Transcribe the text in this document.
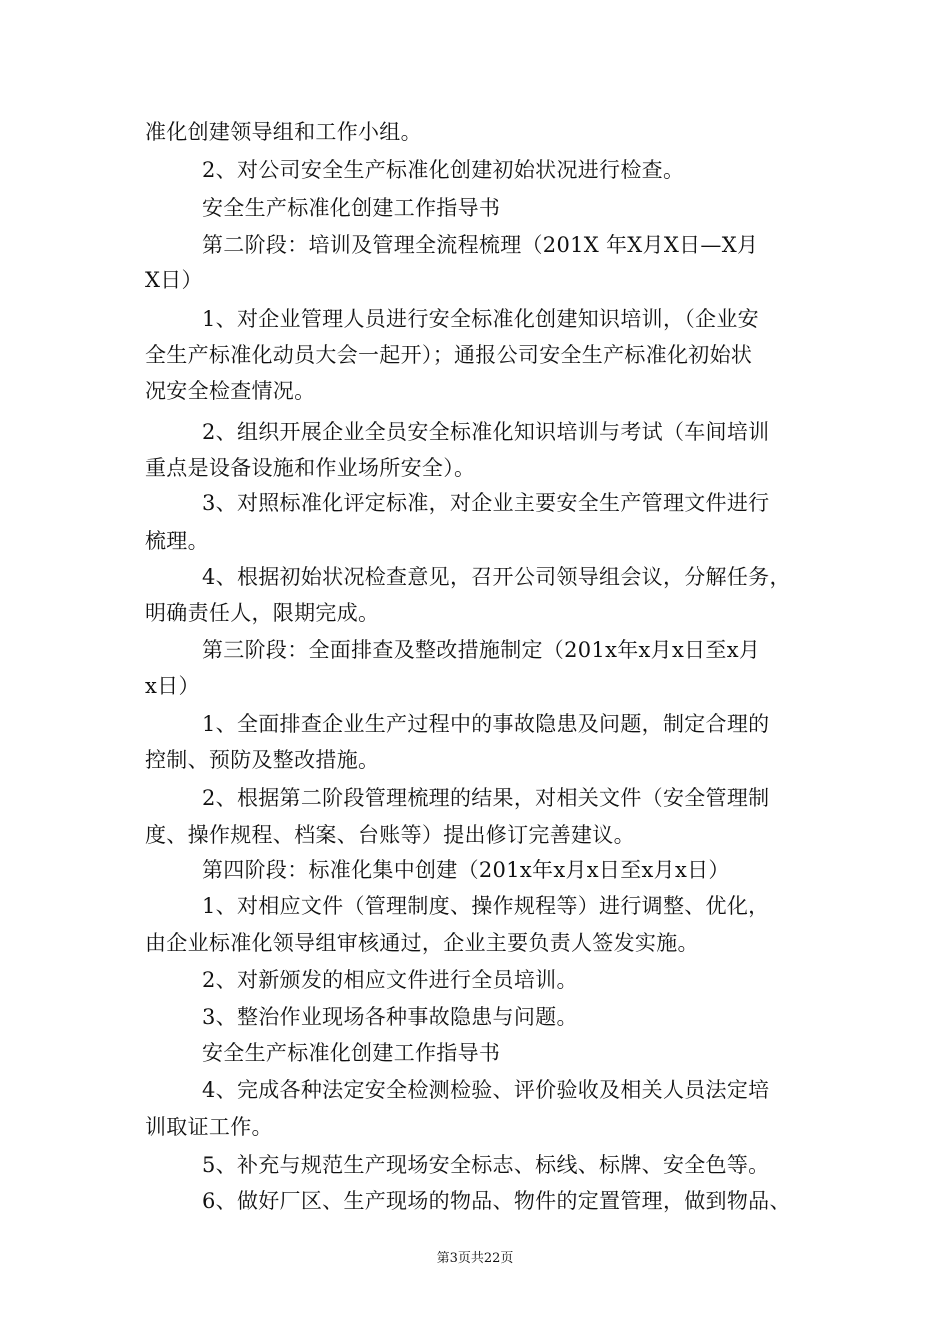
准化创建领导组和工作小组。
2、对公司安全生产标准化创建初始状况进行检查。
安全生产标准化创建工作指导书
第二阶段：培训及管理全流程梳理（201X 年X月X日—X月
X日）
1、对企业管理人员进行安全标准化创建知识培训，（企业安
全生产标准化动员大会一起开）；通报公司安全生产标准化初始状
况安全检查情况。
2、组织开展企业全员安全标准化知识培训与考试（车间培训
重点是设备设施和作业场所安全）。
3、对照标准化评定标准，对企业主要安全生产管理文件进行
梳理。
4、根据初始状况检查意见，召开公司领导组会议，分解任务，
明确责任人，限期完成。
第三阶段：全面排查及整改措施制定（201x年x月x日至x月
x日）
1、全面排查企业生产过程中的事故隐患及问题，制定合理的
控制、预防及整改措施。
2、根据第二阶段管理梳理的结果，对相关文件（安全管理制
度、操作规程、档案、台账等）提出修订完善建议。
第四阶段：标准化集中创建（201x年x月x日至x月x日）
1、对相应文件（管理制度、操作规程等）进行调整、优化，
由企业标准化领导组审核通过，企业主要负责人签发实施。
2、对新颁发的相应文件进行全员培训。
3、整治作业现场各种事故隐患与问题。
安全生产标准化创建工作指导书
4、完成各种法定安全检测检验、评价验收及相关人员法定培
训取证工作。
5、补充与规范生产现场安全标志、标线、标牌、安全色等。
6、做好厂区、生产现场的物品、物件的定置管理，做到物品、
第3页共22页
